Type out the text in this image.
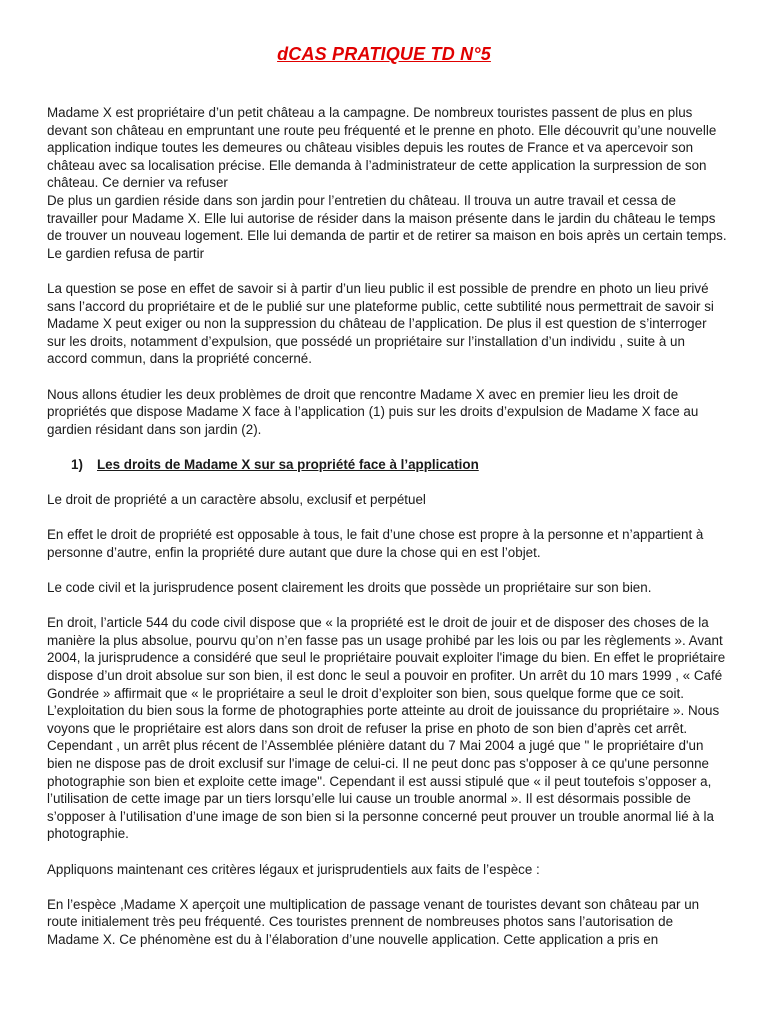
dCAS PRATIQUE TD N°5

Madame X est propriétaire d’un petit château a la campagne. De nombreux touristes passent de plus en plus devant son château en empruntant une route peu fréquenté et le prenne en photo. Elle découvrit qu’une nouvelle application indique toutes les demeures ou château visibles depuis les routes de France et va apercevoir son château avec sa localisation précise. Elle demanda à l’administrateur de cette application la surpression de son château. Ce dernier va refuser

De plus un gardien réside dans son jardin pour l’entretien du château. Il trouva un autre travail et cessa de travailler pour Madame X. Elle lui autorise de résider dans la maison présente dans le jardin du château le temps de trouver un nouveau logement. Elle lui demanda de partir et de retirer sa maison en bois après un certain temps. Le gardien refusa de partir

La question se pose en effet de savoir si à partir d’un lieu public il est possible de prendre en photo un lieu privé sans l’accord du propriétaire et de le publié sur une plateforme public, cette subtilité nous permettrait de savoir si Madame X peut exiger ou non la suppression du château de l’application. De plus il est question de s’interroger sur les droits, notamment d’expulsion, que possédé un propriétaire sur l’installation d’un individu , suite à un accord commun, dans la propriété concerné.

Nous allons étudier les deux problèmes de droit que rencontre Madame X avec en premier lieu les droit de propriétés que dispose Madame X face à l’application (1) puis sur les droits d’expulsion de Madame X face au gardien résidant dans son jardin (2).

1) Les droits de Madame X sur sa propriété face à l’application

Le droit de propriété a un caractère absolu, exclusif et perpétuel

En effet le droit de propriété est opposable à tous, le fait d’une chose est propre à la personne et n’appartient à personne d’autre, enfin la propriété dure autant que dure la chose qui en est l’objet.

Le code civil et la jurisprudence posent clairement les droits que possède un propriétaire sur son bien.

En droit, l’article 544 du code civil dispose que « la propriété est le droit de jouir et de disposer des choses de la manière la plus absolue, pourvu qu’on n’en fasse pas un usage prohibé par les lois ou par les règlements ». Avant 2004, la jurisprudence a considéré que seul le propriétaire pouvait exploiter l'image du bien. En effet le propriétaire dispose d’un droit absolue sur son bien, il est donc le seul a pouvoir en profiter. Un arrêt du 10 mars 1999 , « Café Gondrée » affirmait que « le propriétaire a seul le droit d’exploiter son bien, sous quelque forme que ce soit. L’exploitation du bien sous la forme de photographies porte atteinte au droit de jouissance du propriétaire ». Nous voyons que le propriétaire est alors dans son droit de refuser la prise en photo de son bien d’après cet arrêt.

Cependant , un arrêt plus récent de l’Assemblée plénière datant du 7 Mai 2004 a jugé que " le propriétaire d'un bien ne dispose pas de droit exclusif sur l'image de celui-ci. Il ne peut donc pas s'opposer à ce qu'une personne photographie son bien et exploite cette image". Cependant il est aussi stipulé que « il peut toutefois s’opposer a, l’utilisation de cette image par un tiers lorsqu’elle lui cause un trouble anormal ». Il est désormais possible de s’opposer à l’utilisation d’une image de son bien si la personne concerné peut prouver un trouble anormal lié à la photographie.

Appliquons maintenant ces critères légaux et jurisprudentiels aux faits de l’espèce :

En l’espèce ,Madame X aperçoit une multiplication de passage venant de touristes devant son château par un route initialement très peu fréquenté. Ces touristes prennent de nombreuses photos sans l’autorisation de Madame X. Ce phénomène est du à l’élaboration d’une nouvelle application. Cette application a pris en
